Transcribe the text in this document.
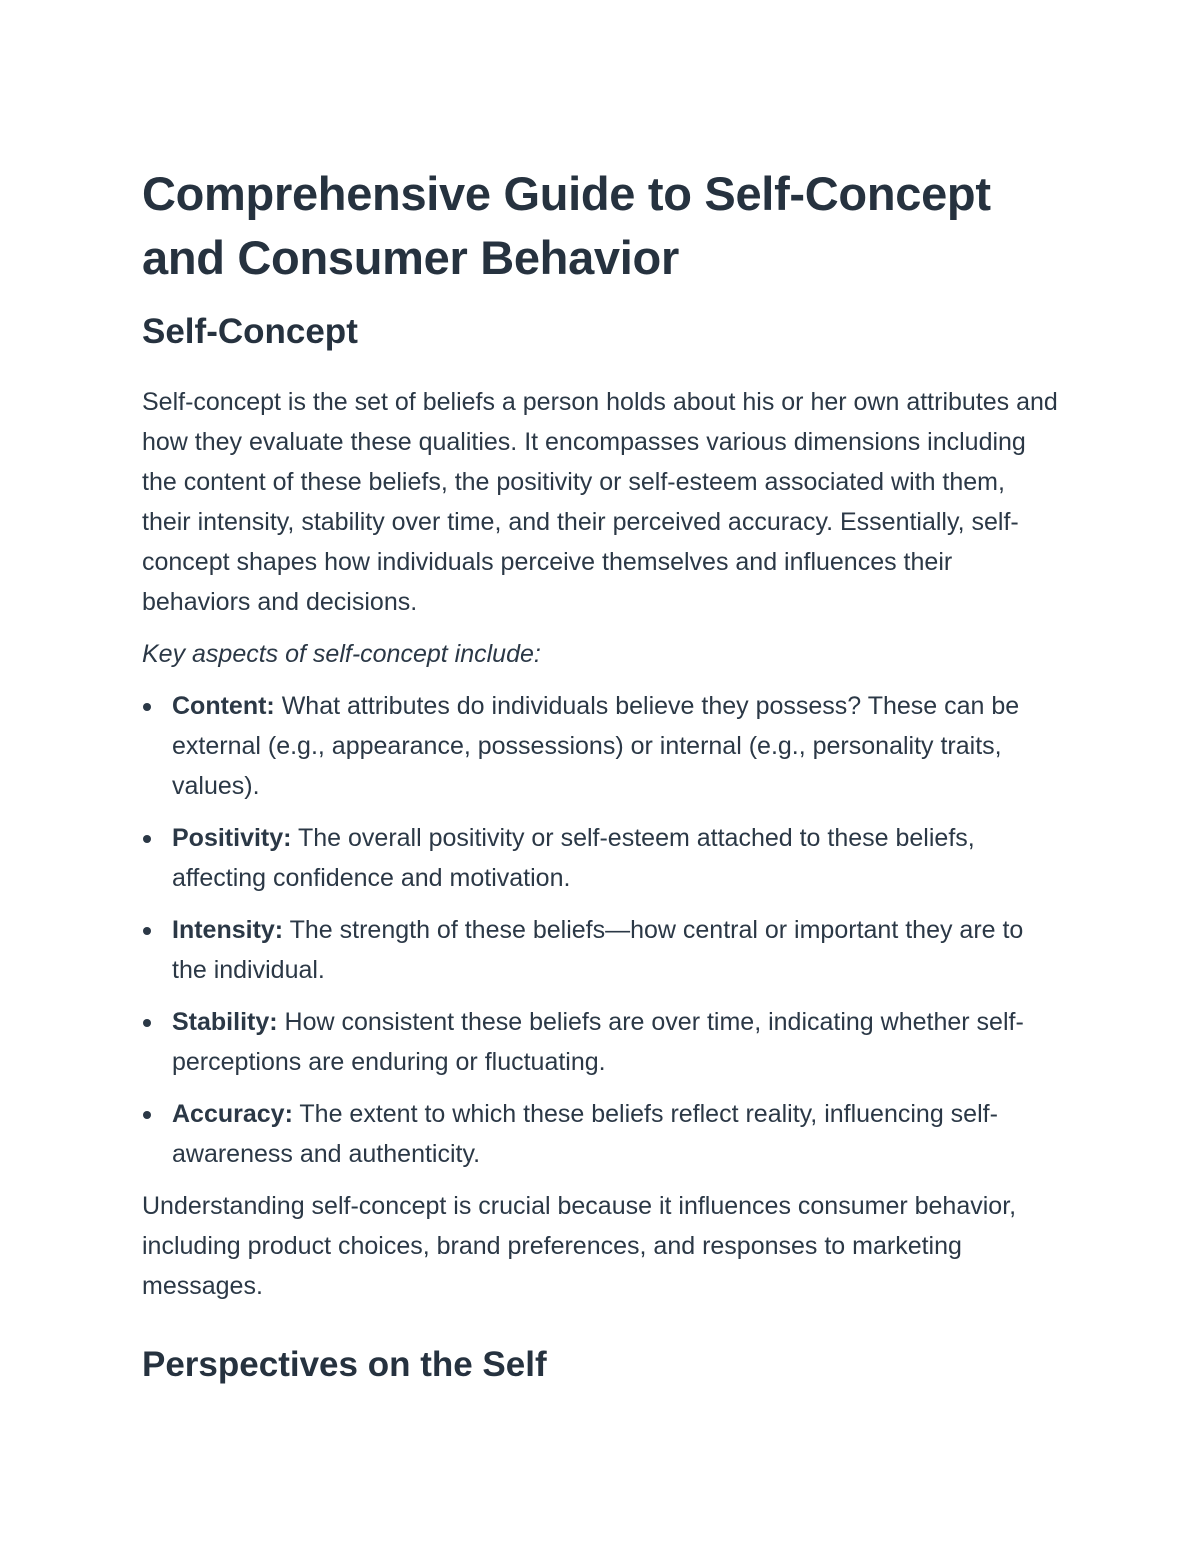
Comprehensive Guide to Self-Concept and Consumer Behavior
Self-Concept

Self-concept is the set of beliefs a person holds about his or her own attributes and how they evaluate these qualities. It encompasses various dimensions including the content of these beliefs, the positivity or self-esteem associated with them, their intensity, stability over time, and their perceived accuracy. Essentially, self-concept shapes how individuals perceive themselves and influences their behaviors and decisions.

Key aspects of self-concept include:

Content: What attributes do individuals believe they possess? These can be external (e.g., appearance, possessions) or internal (e.g., personality traits, values).
Positivity: The overall positivity or self-esteem attached to these beliefs, affecting confidence and motivation.
Intensity: The strength of these beliefs—how central or important they are to the individual.
Stability: How consistent these beliefs are over time, indicating whether self-perceptions are enduring or fluctuating.
Accuracy: The extent to which these beliefs reflect reality, influencing self-awareness and authenticity.

Understanding self-concept is crucial because it influences consumer behavior, including product choices, brand preferences, and responses to marketing messages.

Perspectives on the Self
